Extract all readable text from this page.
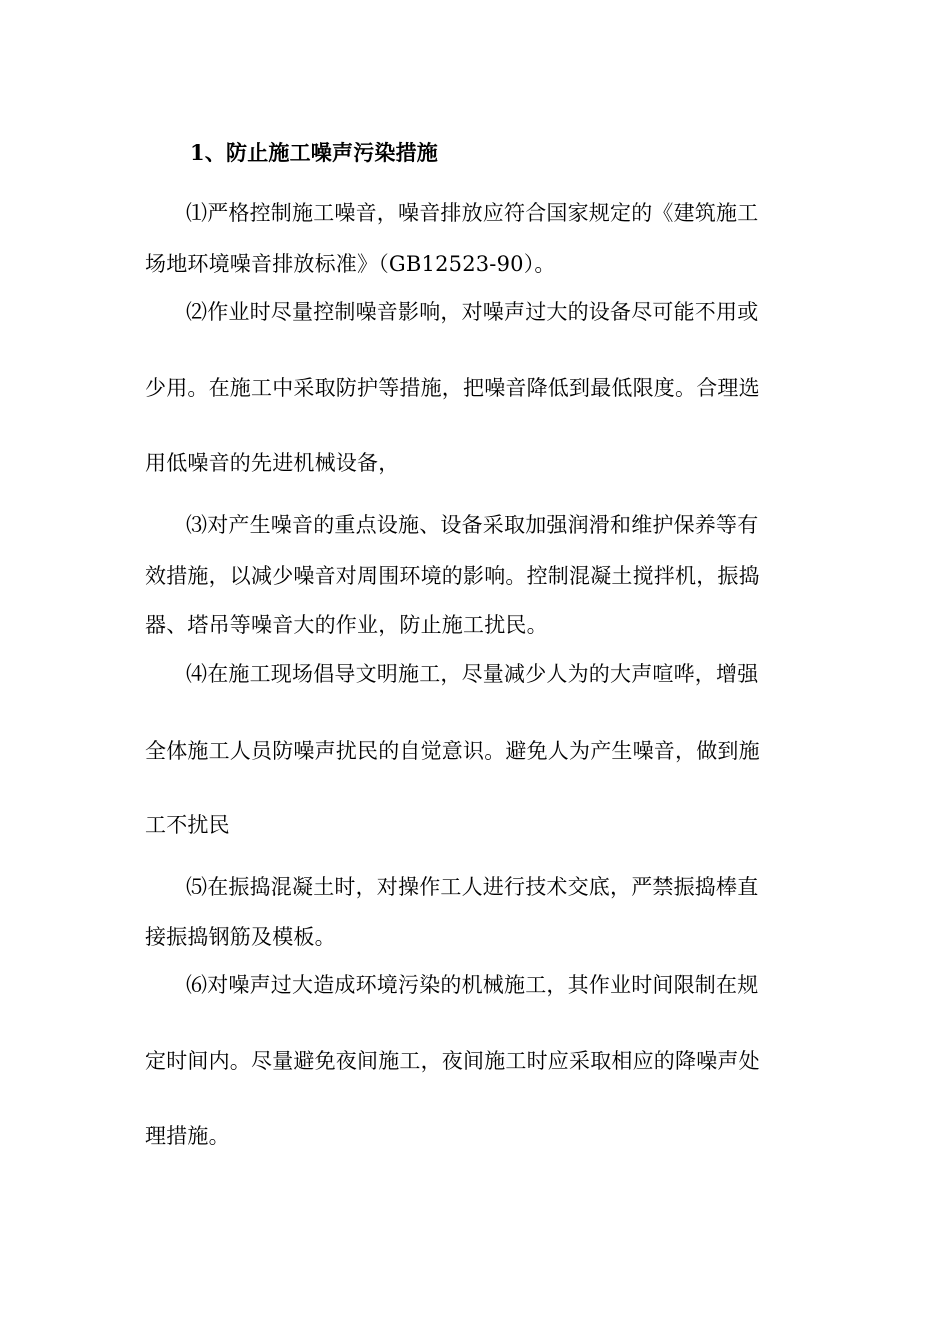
1、防止施工噪声污染措施
⑴严格控制施工噪音，噪音排放应符合国家规定的《建筑施工
场地环境噪音排放标准》（GB12523-90）。
⑵作业时尽量控制噪音影响，对噪声过大的设备尽可能不用或
少用。在施工中采取防护等措施，把噪音降低到最低限度。合理选
用低噪音的先进机械设备，
⑶对产生噪音的重点设施、设备采取加强润滑和维护保养等有
效措施，以减少噪音对周围环境的影响。控制混凝土搅拌机，振捣
器、塔吊等噪音大的作业，防止施工扰民。
⑷在施工现场倡导文明施工，尽量减少人为的大声喧哗，增强
全体施工人员防噪声扰民的自觉意识。避免人为产生噪音，做到施
工不扰民
⑸在振捣混凝土时，对操作工人进行技术交底，严禁振捣棒直
接振捣钢筋及模板。
⑹对噪声过大造成环境污染的机械施工，其作业时间限制在规
定时间内。尽量避免夜间施工，夜间施工时应采取相应的降噪声处
理措施。
